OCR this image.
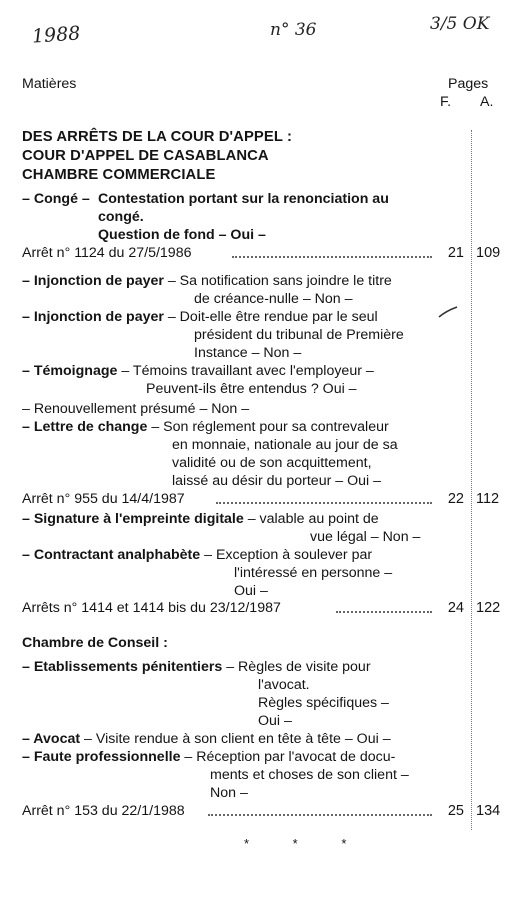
1988	n° 36	3/5 OK
Matières	Pages
F. A.
DES ARRÊTS DE LA COUR D'APPEL :
COUR D'APPEL DE CASABLANCA
CHAMBRE COMMERCIALE
– Congé – Contestation portant sur la renonciation au
congé.
Question de fond – Oui –
Arrêt n° 1124 du 27/5/1986	21 109
– Injonction de payer – Sa notification sans joindre le titre
de créance-nulle – Non –
– Injonction de payer – Doit-elle être rendue par le seul
président du tribunal de Première
Instance – Non –
– Témoignage – Témoins travaillant avec l'employeur –
Peuvent-ils être entendus ? Oui –
– Renouvellement présumé – Non –
– Lettre de change – Son réglement pour sa contrevaleur
en monnaie, nationale au jour de sa
validité ou de son acquittement,
laissé au désir du porteur – Oui –
Arrêt n° 955 du 14/4/1987	22 112
– Signature à l'empreinte digitale – valable au point de
vue légal – Non –
– Contractant analphabète – Exception à soulever par
l'intéressé en personne –
Oui –
Arrêts n° 1414 et 1414 bis du 23/12/1987	24 122
Chambre de Conseil :
– Etablissements pénitentiers – Règles de visite pour
l'avocat.
Règles spécifiques –
Oui –
– Avocat – Visite rendue à son client en tête à tête – Oui –
– Faute professionnelle – Réception par l'avocat de docu-
ments et choses de son client –
Non –
Arrêt n° 153 du 22/1/1988	25 134
* * *
